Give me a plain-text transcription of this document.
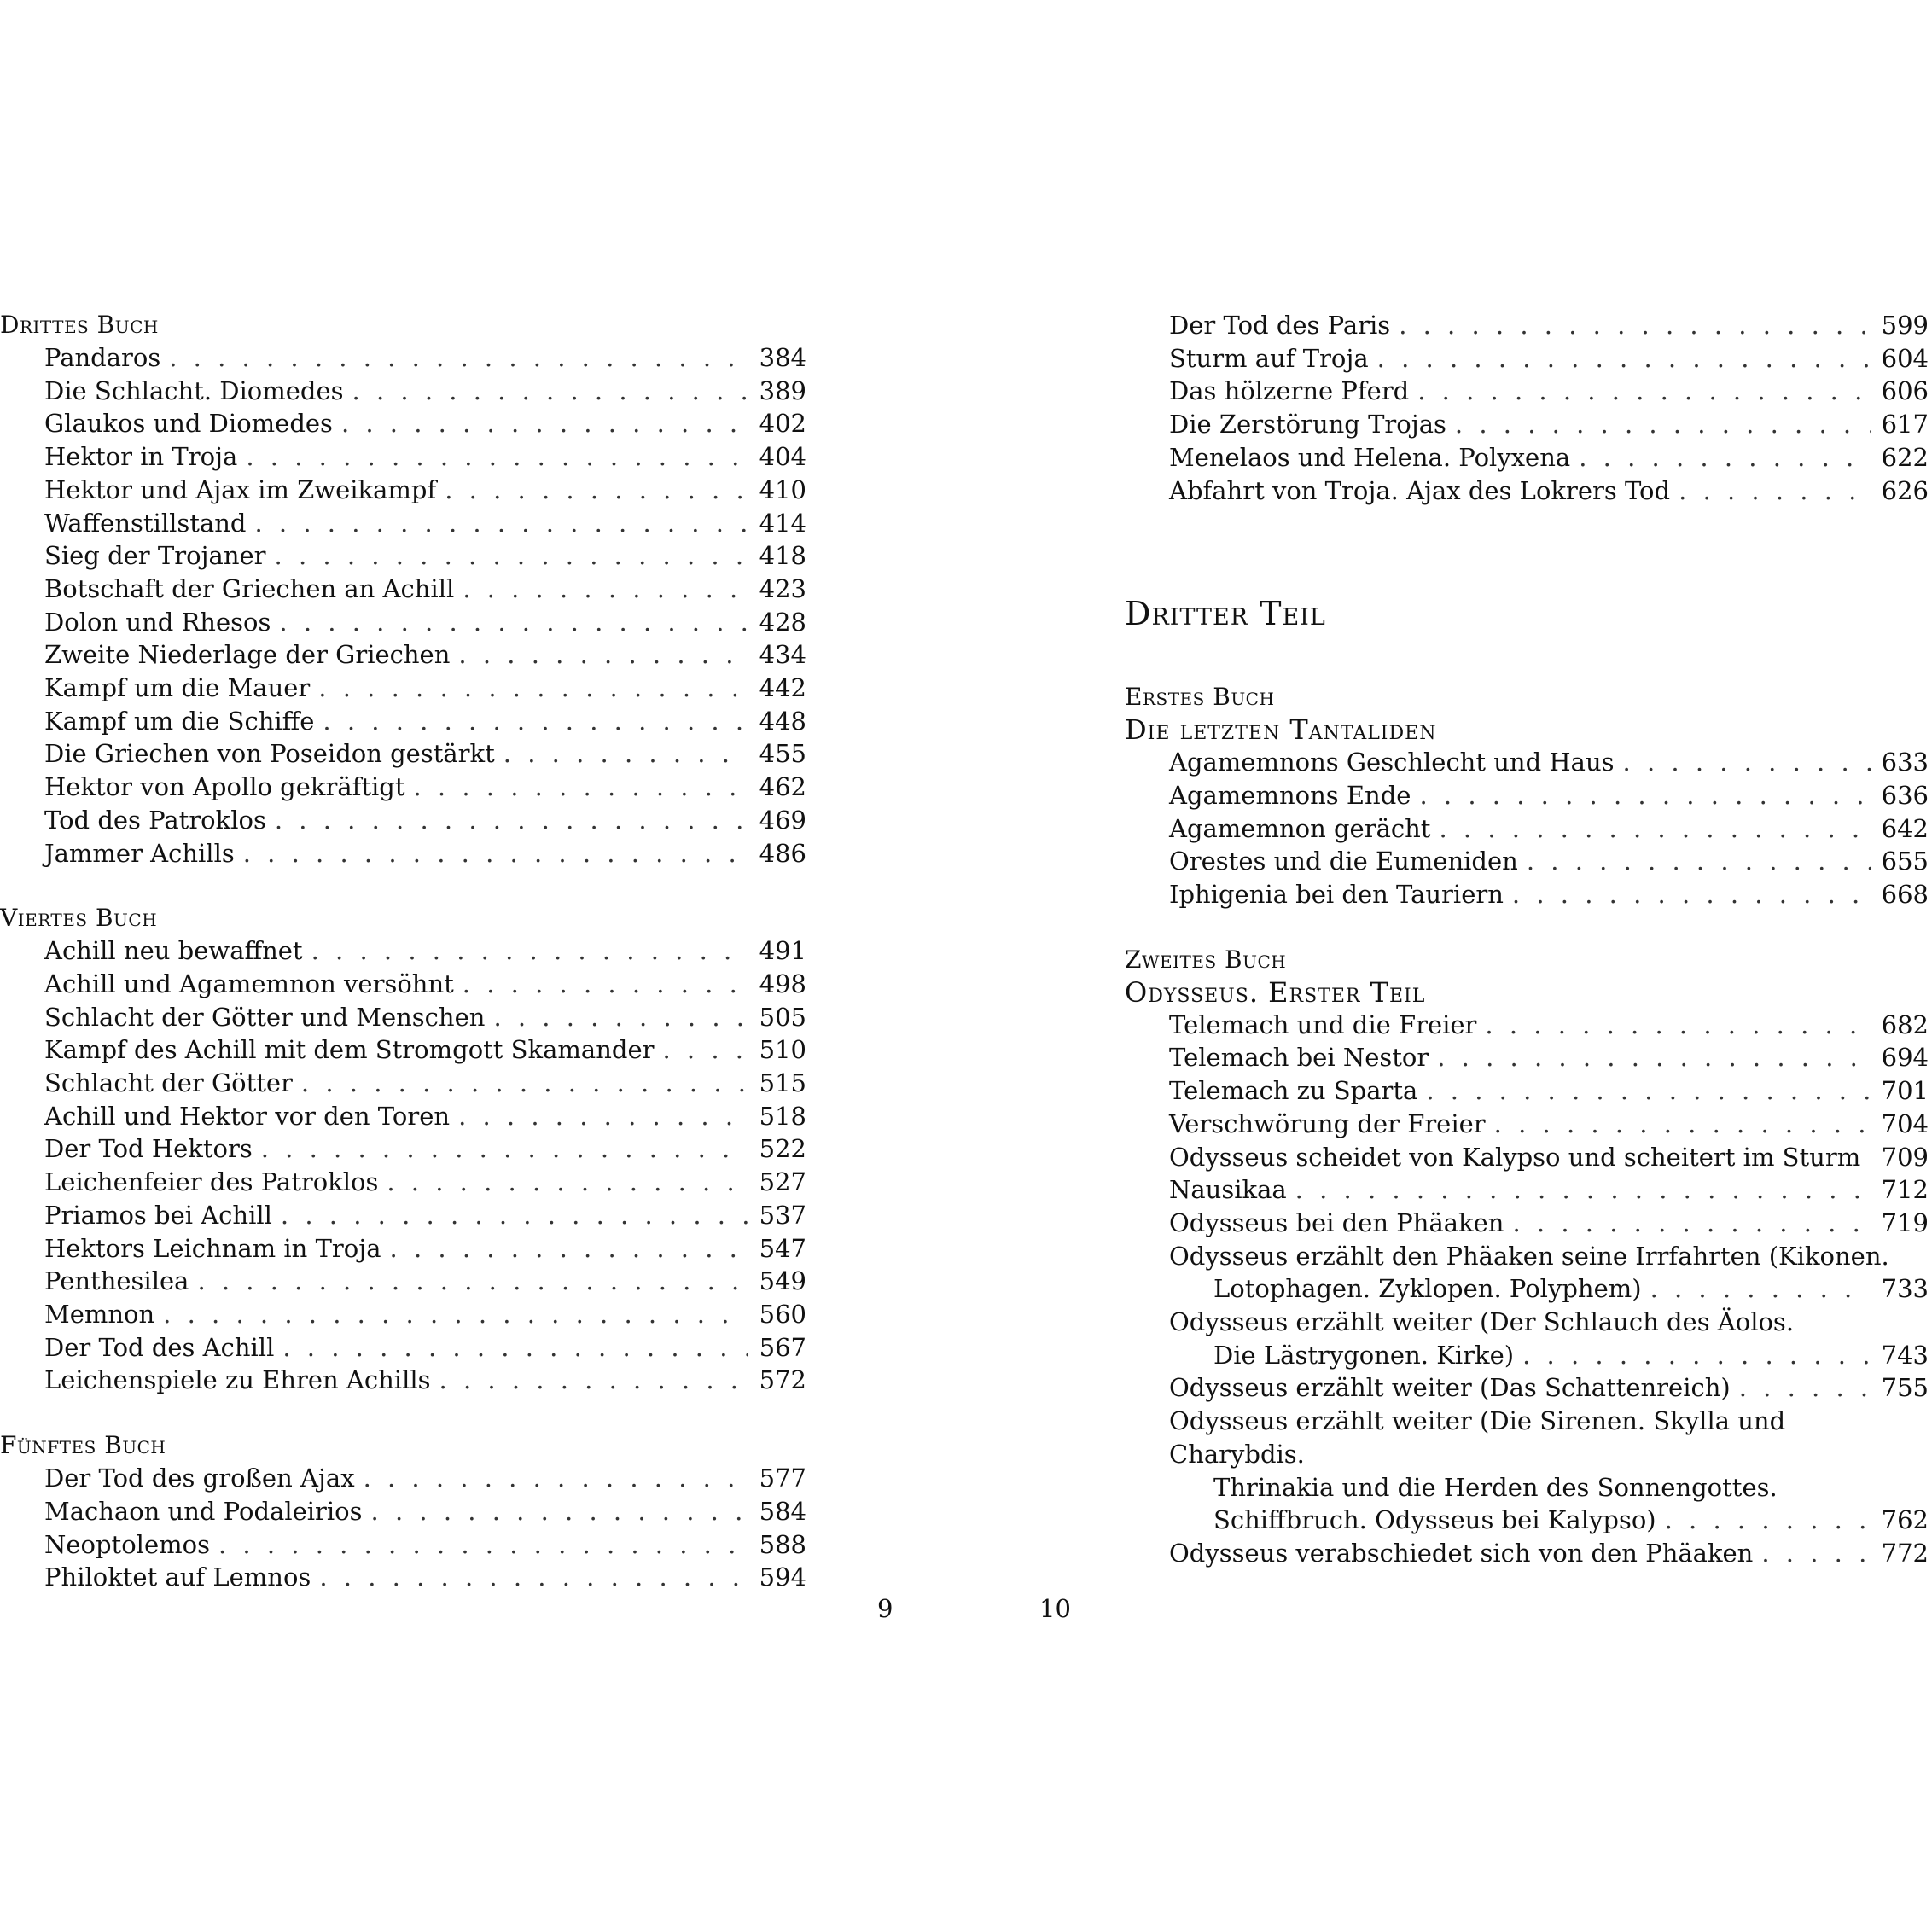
Drittes Buch
Pandaros . . .	384
Die Schlacht. Diomedes . . .	389
Glaukos und Diomedes . . .	402
Hektor in Troja . . .	404
Hektor und Ajax im Zweikampf . . .	410
Waffenstillstand . . .	414
Sieg der Trojaner . . .	418
Botschaft der Griechen an Achill . . .	423
Dolon und Rhesos . . .	428
Zweite Niederlage der Griechen . . .	434
Kampf um die Mauer . . .	442
Kampf um die Schiffe . . .	448
Die Griechen von Poseidon gestärkt . . .	455
Hektor von Apollo gekräftigt . . .	462
Tod des Patroklos . . .	469
Jammer Achills . . .	486
Viertes Buch
Achill neu bewaffnet . . .	491
Achill und Agamemnon versöhnt . . .	498
Schlacht der Götter und Menschen . . .	505
Kampf des Achill mit dem Stromgott Skamander . . .	510
Schlacht der Götter . . .	515
Achill und Hektor vor den Toren . . .	518
Der Tod Hektors . . .	522
Leichenfeier des Patroklos . . .	527
Priamos bei Achill . . .	537
Hektors Leichnam in Troja . . .	547
Penthesilea . . .	549
Memnon . . .	560
Der Tod des Achill . . .	567
Leichenspiele zu Ehren Achills . . .	572
Fünftes Buch
Der Tod des großen Ajax . . .	577
Machaon und Podaleirios . . .	584
Neoptolemos . . .	588
Philoktet auf Lemnos . . .	594
Der Tod des Paris . . .	599
Sturm auf Troja . . .	604
Das hölzerne Pferd . . .	606
Die Zerstörung Trojas . . .	617
Menelaos und Helena. Polyxena . . .	622
Abfahrt von Troja. Ajax des Lokrers Tod . . .	626
Dritter Teil
Erstes Buch
Die letzten Tantaliden
Agamemnons Geschlecht und Haus . . .	633
Agamemnons Ende . . .	636
Agamemnon gerächt . . .	642
Orestes und die Eumeniden . . .	655
Iphigenia bei den Tauriern . . .	668
Zweites Buch
Odysseus. Erster Teil
Telemach und die Freier . . .	682
Telemach bei Nestor . . .	694
Telemach zu Sparta . . .	701
Verschwörung der Freier . . .	704
Odysseus scheidet von Kalypso und scheitert im Sturm . . . 709
Nausikaa . . .	712
Odysseus bei den Phäaken . . .	719
Odysseus erzählt den Phäaken seine Irrfahrten (Kikonen.
Lotophagen. Zyklopen. Polyphem) . . .	733
Odysseus erzählt weiter (Der Schlauch des Äolos.
Die Lästrygonen. Kirke) . . .	743
Odysseus erzählt weiter (Das Schattenreich) . . .	755
Odysseus erzählt weiter (Die Sirenen. Skylla und Charybdis.
Thrinakia und die Herden des Sonnengottes.
Schiffbruch. Odysseus bei Kalypso) . . .	762
Odysseus verabschiedet sich von den Phäaken . . .	772
9	10
